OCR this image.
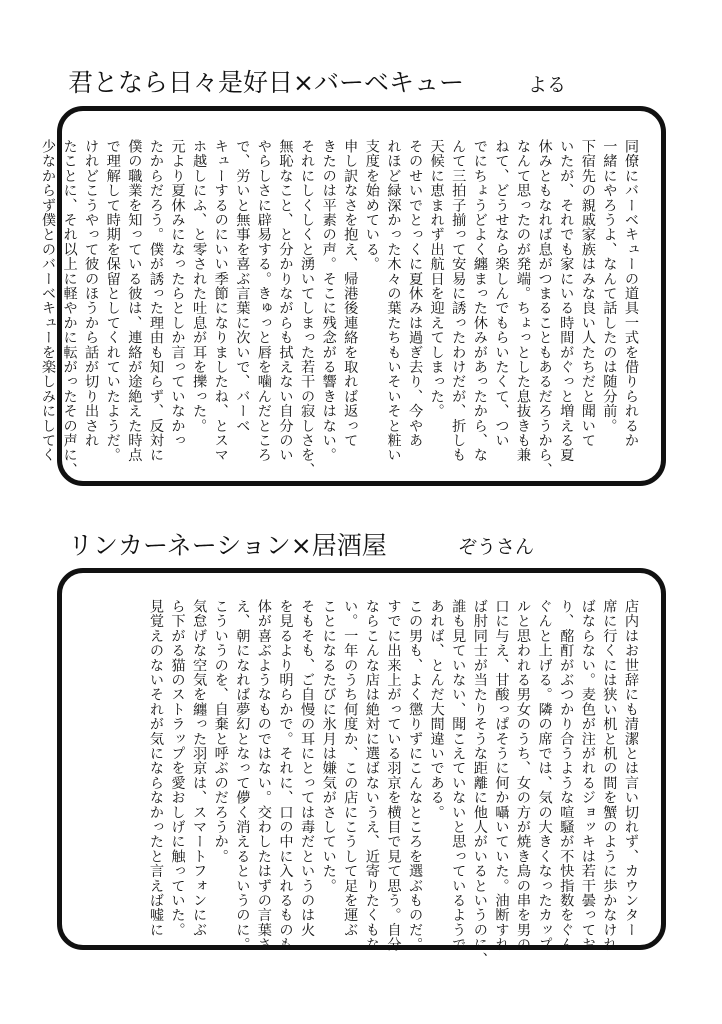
君となら日々是好日×バーベキュー	よる

同僚にバーベキューの道具一式を借りられるか

一緒にやろうよ、なんて話したのは随分前。

下宿先の親戚家族はみな良い人たちだと聞いて

いたが、それでも家にいる時間がぐっと増える夏

休みともなれば息がつまることもあるだろうから、

なんて思ったのが発端。ちょっとした息抜きも兼

ねて、どうせなら楽しんでもらいたくて、つい

でにちょうどよく纏まった休みがあったから、な

んて三拍子揃って安易に誘ったわけだが、折しも

天候に恵まれず出航日を迎えてしまった。

そのせいでとっくに夏休みは過ぎ去り、今やあ

れほど緑深かった木々の葉たちもいそいそと粧い

支度を始めている。

申し訳なさを抱え、帰港後連絡を取れば返って

きたのは平素の声。そこに残念がる響きはない。

それにしくしくと湧いてしまった若干の寂しさを、

無恥なこと、と分かりながらも拭えない自分のい

やらしさに辟易する。きゅっと唇を噛んだところ

で、労いと無事を喜ぶ言葉に次いで、バーベ

キューするのにいい季節になりましたね、とスマ

ホ越しにふ、と零された吐息が耳を擽った。

元より夏休みになったらとしか言っていなかっ

たからだろう。僕が誘った理由も知らず、反対に

僕の職業を知っている彼は、連絡が途絶えた時点

で理解して時期を保留としてくれていたようだ。

けれどこうやって彼のほうから話が切り出され

たことに、それ以上に軽やかに転がったその声に、

少なからず僕とのバーベキューを楽しみにしてく

リンカーネーション×居酒屋	ぞうさん

店内はお世辞にも清潔とは言い切れず、カウンター

席に行くには狭い机と机の間を蟹のように歩かなけれ

ばならない。麦色が注がれるジョッキは若干曇ってお

り、酩酊がぶつかり合うような喧騒が不快指数をぐん

ぐんと上げる。隣の席では、気の大きくなったカップ

ルと思われる男女のうち、女の方が焼き鳥の串を男の

口に与え、甘酸っぱそうに何か囁いていた。油断すれ

ば肘同士が当たりそうな距離に他人がいるというのに、

誰も見ていない、聞こえていないと思っているようで

あれば、とんだ大間違いである。

この男も、よく懲りずにこんなところを選ぶものだ。

すでに出来上がっている羽京を横目で見て思う。自分

ならこんな店は絶対に選ばないうえ、近寄りたくもな

い。一年のうち何度か、この店にこうして足を運ぶ

ことになるたびに氷月は嫌気がさしていた。

そもそも、ご自慢の耳にとっては毒だというのは火

を見るより明らかで。それに、口の中に入れるものも

体が喜ぶようなものではない。交わしたはずの言葉さ

え、朝になれば夢幻となって儚く消えるというのに。

こういうのを、自棄と呼ぶのだろうか。

気怠げな空気を纏った羽京は、スマートフォンにぶ

ら下がる猫のストラップを愛おしげに触っていた。

見覚えのないそれが気にならなかったと言えば嘘に
